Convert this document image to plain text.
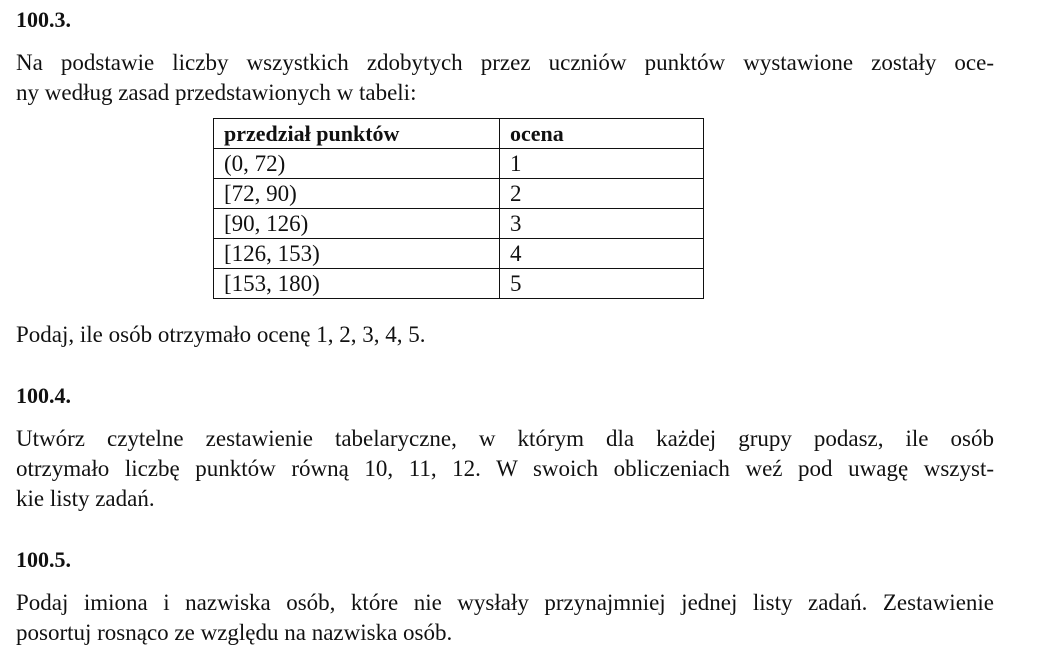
100.3.
Na podstawie liczby wszystkich zdobytych przez uczniów punktów wystawione zostały oce-
ny według zasad przedstawionych w tabeli:
przedział punktów	ocena
(0, 72)	1
[72, 90)	2
[90, 126)	3
[126, 153)	4
[153, 180)	5
Podaj, ile osób otrzymało ocenę 1, 2, 3, 4, 5.
100.4.
Utwórz czytelne zestawienie tabelaryczne, w którym dla każdej grupy podasz, ile osób
otrzymało liczbę punktów równą 10, 11, 12. W swoich obliczeniach weź pod uwagę wszyst-
kie listy zadań.
100.5.
Podaj imiona i nazwiska osób, które nie wysłały przynajmniej jednej listy zadań. Zestawienie
posortuj rosnąco ze względu na nazwiska osób.
